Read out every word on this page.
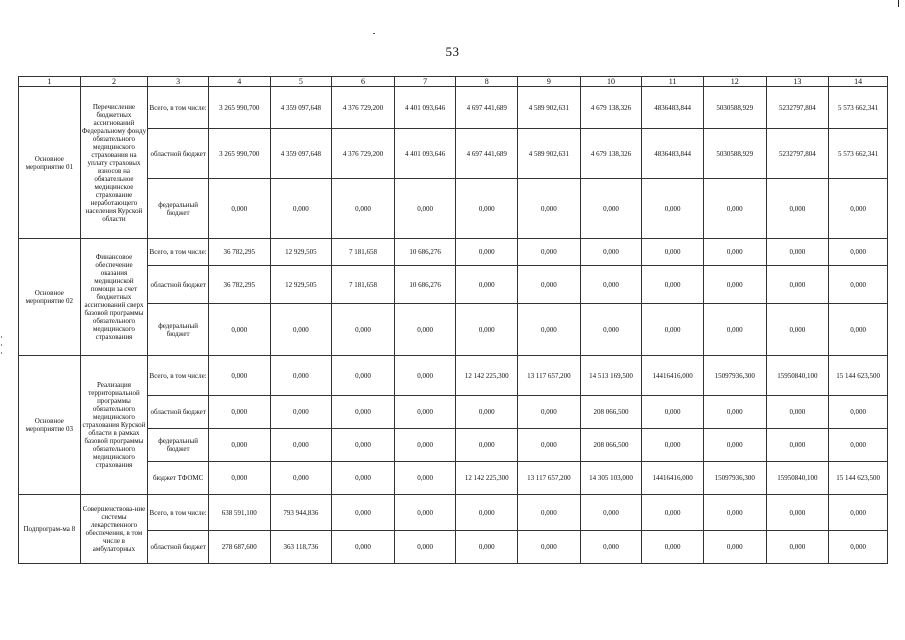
53
1	2	3	4	5	6	7	8	9	10	11	12	13	14
Основное мероприятие 01	Перечисление бюджетных ассигнований Федеральному фонду обязательного медицинского страхования на уплату страховых взносов на обязательное медицинское страхование неработающего населения Курской области	Всего, в том числе:	3 265 990,700	4 359 097,648	4 376 729,200	4 401 093,646	4 697 441,689	4 589 902,631	4 679 138,326	4836483,844	5030588,929	5232797,804	5 573 662,341
		областной бюджет	3 265 990,700	4 359 097,648	4 376 729,200	4 401 093,646	4 697 441,689	4 589 902,631	4 679 138,326	4836483,844	5030588,929	5232797,804	5 573 662,341
		федеральный бюджет	0,000	0,000	0,000	0,000	0,000	0,000	0,000	0,000	0,000	0,000	0,000
Основное мероприятие 02	Финансовое обеспечение оказания медицинской помощи за счет бюджетных ассигнований сверх базовой программы обязательного медицинского страхования	Всего, в том числе:	36 782,295	12 929,505	7 181,658	10 686,276	0,000	0,000	0,000	0,000	0,000	0,000	0,000
		областной бюджет	36 782,295	12 929,505	7 181,658	10 686,276	0,000	0,000	0,000	0,000	0,000	0,000	0,000
		федеральный бюджет	0,000	0,000	0,000	0,000	0,000	0,000	0,000	0,000	0,000	0,000	0,000
Основное мероприятие 03	Реализация территориальной программы обязательного медицинского страхования Курской области в рамках базовой программы обязательного медицинского страхования	Всего, в том числе:	0,000	0,000	0,000	0,000	12 142 225,300	13 117 657,200	14 513 169,500	14416416,000	15097936,300	15950840,100	15 144 623,500
		областной бюджет	0,000	0,000	0,000	0,000	0,000	0,000	208 066,500	0,000	0,000	0,000	0,000
		федеральный бюджет	0,000	0,000	0,000	0,000	0,000	0,000	208 066,500	0,000	0,000	0,000	0,000
		бюджет ТФОМС	0,000	0,000	0,000	0,000	12 142 225,300	13 117 657,200	14 305 103,000	14416416,000	15097936,300	15950840,100	15 144 623,500
Подпрограм-ма 8	Совершенствова-ние системы лекарственного обеспечения, в том числе в амбулаторных	Всего, в том числе:	638 591,100	793 944,836	0,000	0,000	0,000	0,000	0,000	0,000	0,000	0,000	0,000
		областной бюджет	278 687,600	363 118,736	0,000	0,000	0,000	0,000	0,000	0,000	0,000	0,000	0,000
